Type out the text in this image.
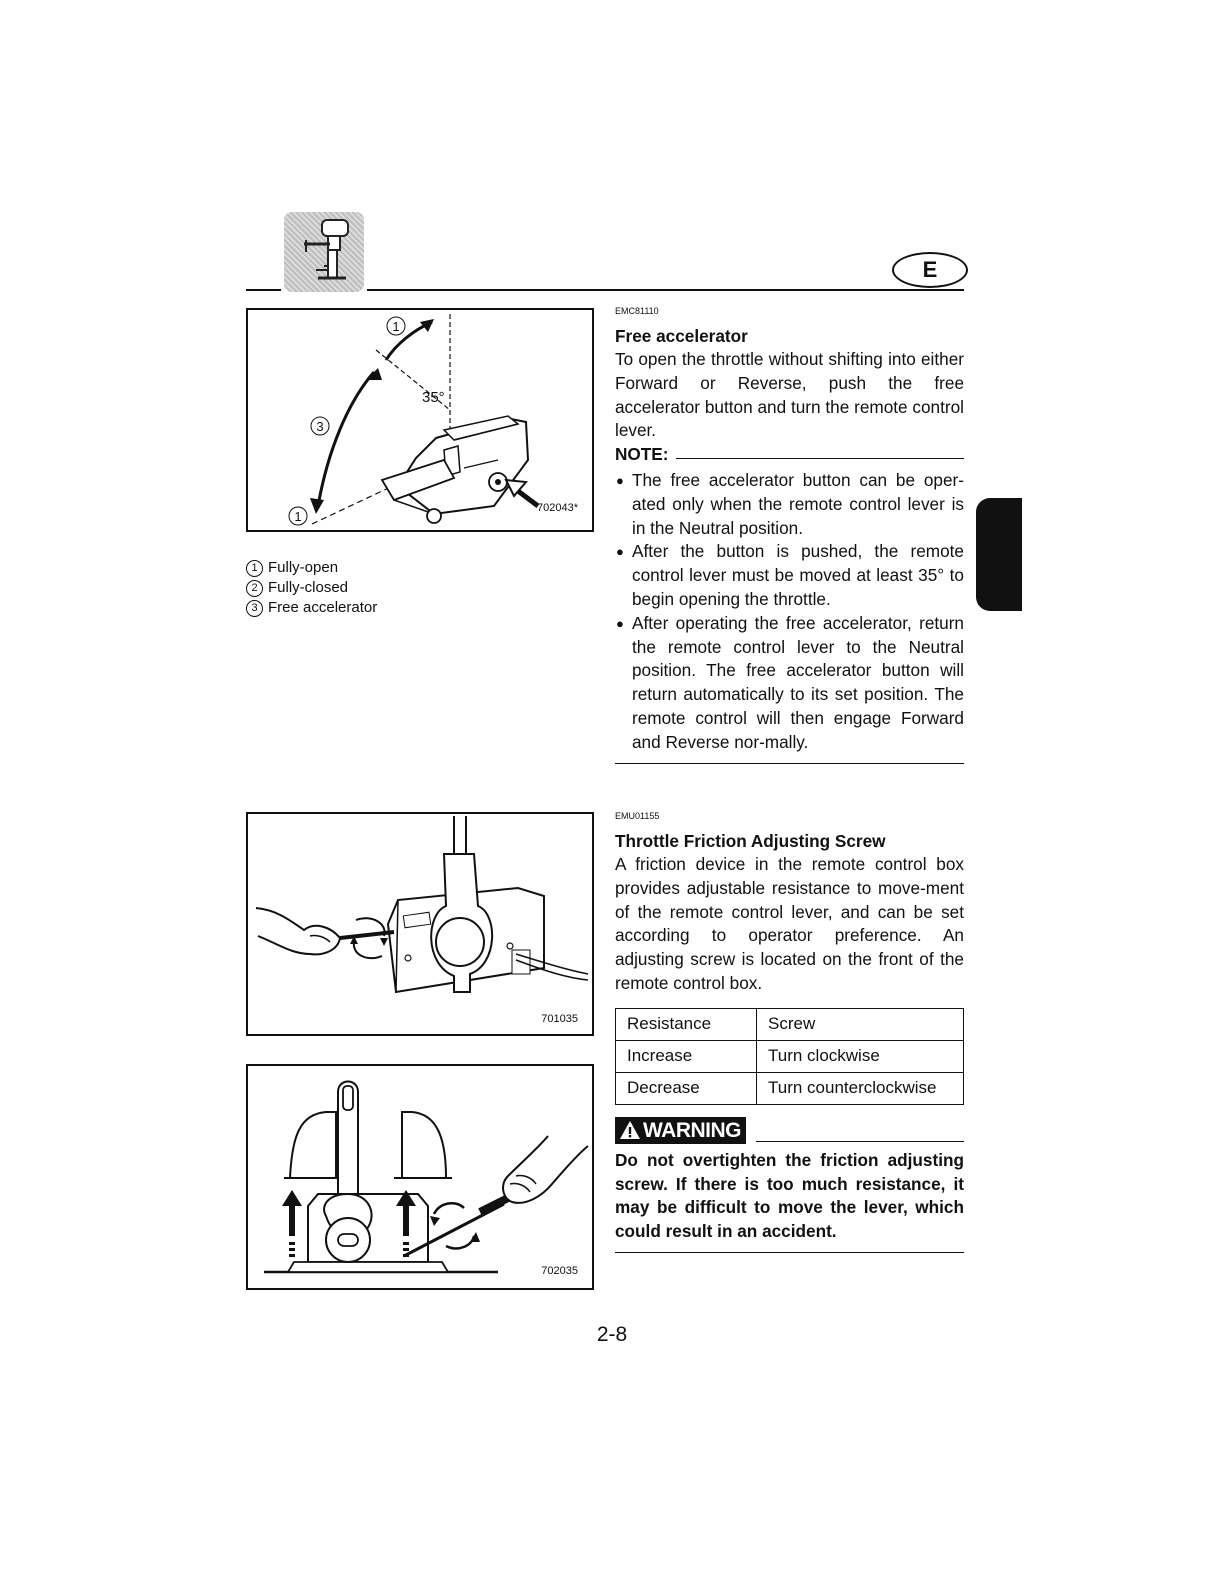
E
1
35°
3
1
702043*
1 Fully-open
2 Fully-closed
3 Free accelerator
701035
702035
EMC81110
Free accelerator
To open the throttle without shifting into either Forward or Reverse, push the free accelerator button and turn the remote control lever.
NOTE:
● The free accelerator button can be oper-ated only when the remote control lever is in the Neutral position.
● After the button is pushed, the remote control lever must be moved at least 35° to begin opening the throttle.
● After operating the free accelerator, return the remote control lever to the Neutral position. The free accelerator button will return automatically to its set position. The remote control will then engage Forward and Reverse nor-mally.
EMU01155
Throttle Friction Adjusting Screw
A friction device in the remote control box provides adjustable resistance to move-ment of the remote control lever, and can be set according to operator preference. An adjusting screw is located on the front of the remote control box.
Resistance	Screw
Increase	Turn clockwise
Decrease	Turn counterclockwise
WARNING
Do not overtighten the friction adjusting screw. If there is too much resistance, it may be difficult to move the lever, which could result in an accident.
2-8
